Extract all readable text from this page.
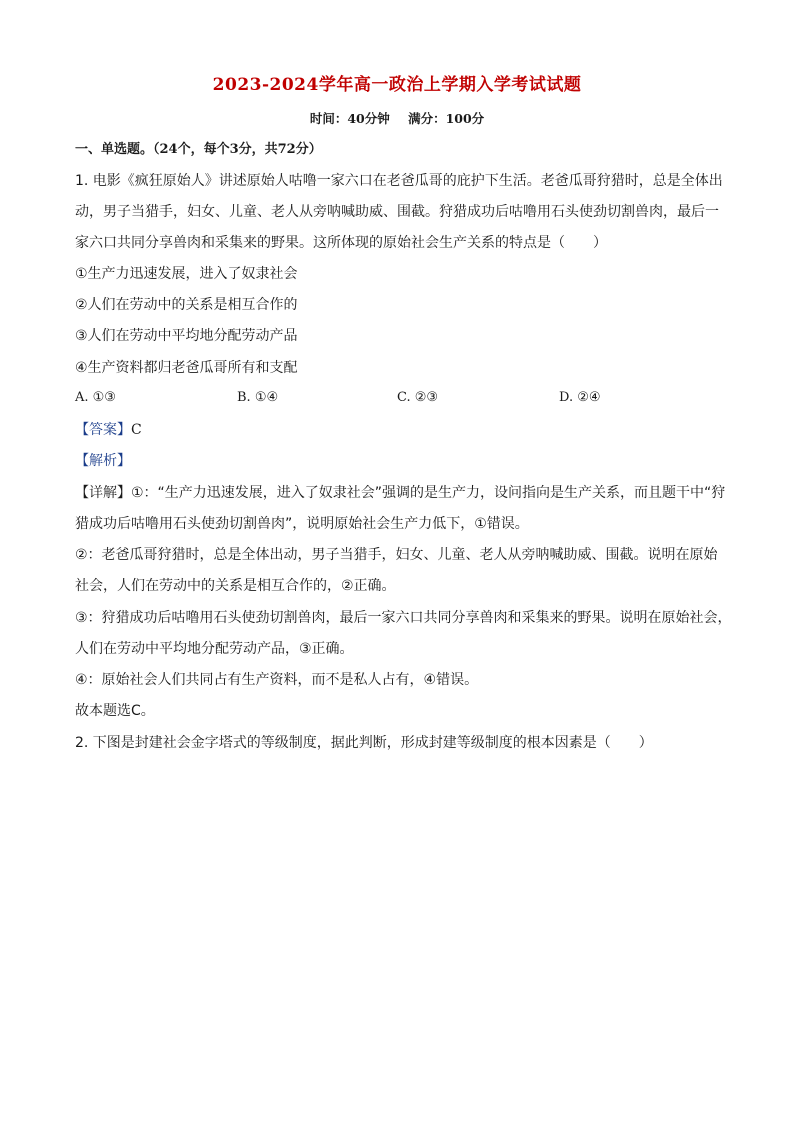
2023-2024学年高一政治上学期入学考试试题
时间：40分钟 满分：100分
一、单选题。（24个，每个3分，共72分）
1. 电影《疯狂原始人》讲述原始人咕噜一家六口在老爸瓜哥的庇护下生活。老爸瓜哥狩猎时，总是全体出
动，男子当猎手，妇女、儿童、老人从旁呐喊助威、围截。狩猎成功后咕噜用石头使劲切割兽肉，最后一
家六口共同分享兽肉和采集来的野果。这所体现的原始社会生产关系的特点是（　　）
①生产力迅速发展，进入了奴隶社会
②人们在劳动中的关系是相互合作的
③人们在劳动中平均地分配劳动产品
④生产资料都归老爸瓜哥所有和支配
A. ①③	B. ①④	C. ②③	D. ②④
【答案】C
【解析】
【详解】①：“生产力迅速发展，进入了奴隶社会”强调的是生产力，设问指向是生产关系，而且题干中“狩
猎成功后咕噜用石头使劲切割兽肉”，说明原始社会生产力低下，①错误。
②：老爸瓜哥狩猎时，总是全体出动，男子当猎手，妇女、儿童、老人从旁呐喊助威、围截。说明在原始
社会，人们在劳动中的关系是相互合作的，②正确。
③：狩猎成功后咕噜用石头使劲切割兽肉，最后一家六口共同分享兽肉和采集来的野果。说明在原始社会，
人们在劳动中平均地分配劳动产品，③正确。
④：原始社会人们共同占有生产资料，而不是私人占有，④错误。
故本题选C。
2. 下图是封建社会金字塔式的等级制度，据此判断，形成封建等级制度的根本因素是（　　）
